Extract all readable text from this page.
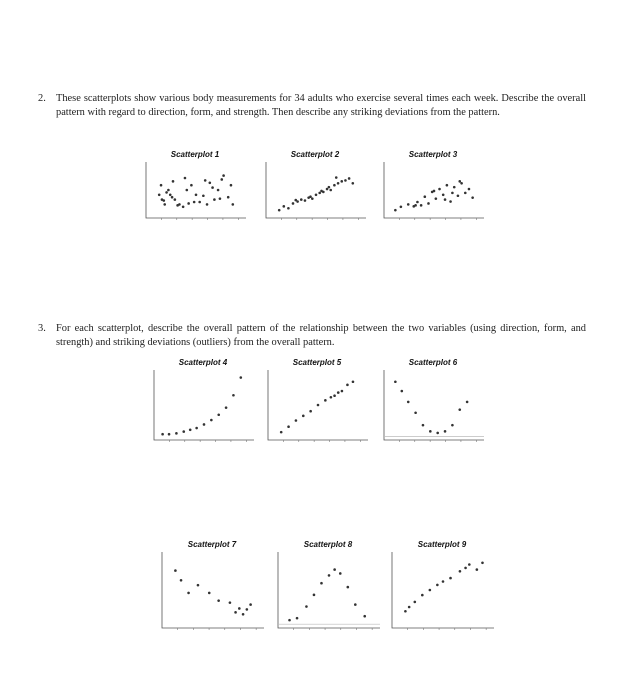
2. These scatterplots show various body measurements for 34 adults who exercise several times each week. Describe the overall pattern with regard to direction, form, and strength. Then describe any striking deviations from the pattern.
3. For each scatterplot, describe the overall pattern of the relationship between the two variables (using direction, form, and strength) and striking deviations (outliers) from the overall pattern.
Scatterplot 1	Scatterplot 2	Scatterplot 3
Scatterplot 4	Scatterplot 5	Scatterplot 6
Scatterplot 7	Scatterplot 8	Scatterplot 9
